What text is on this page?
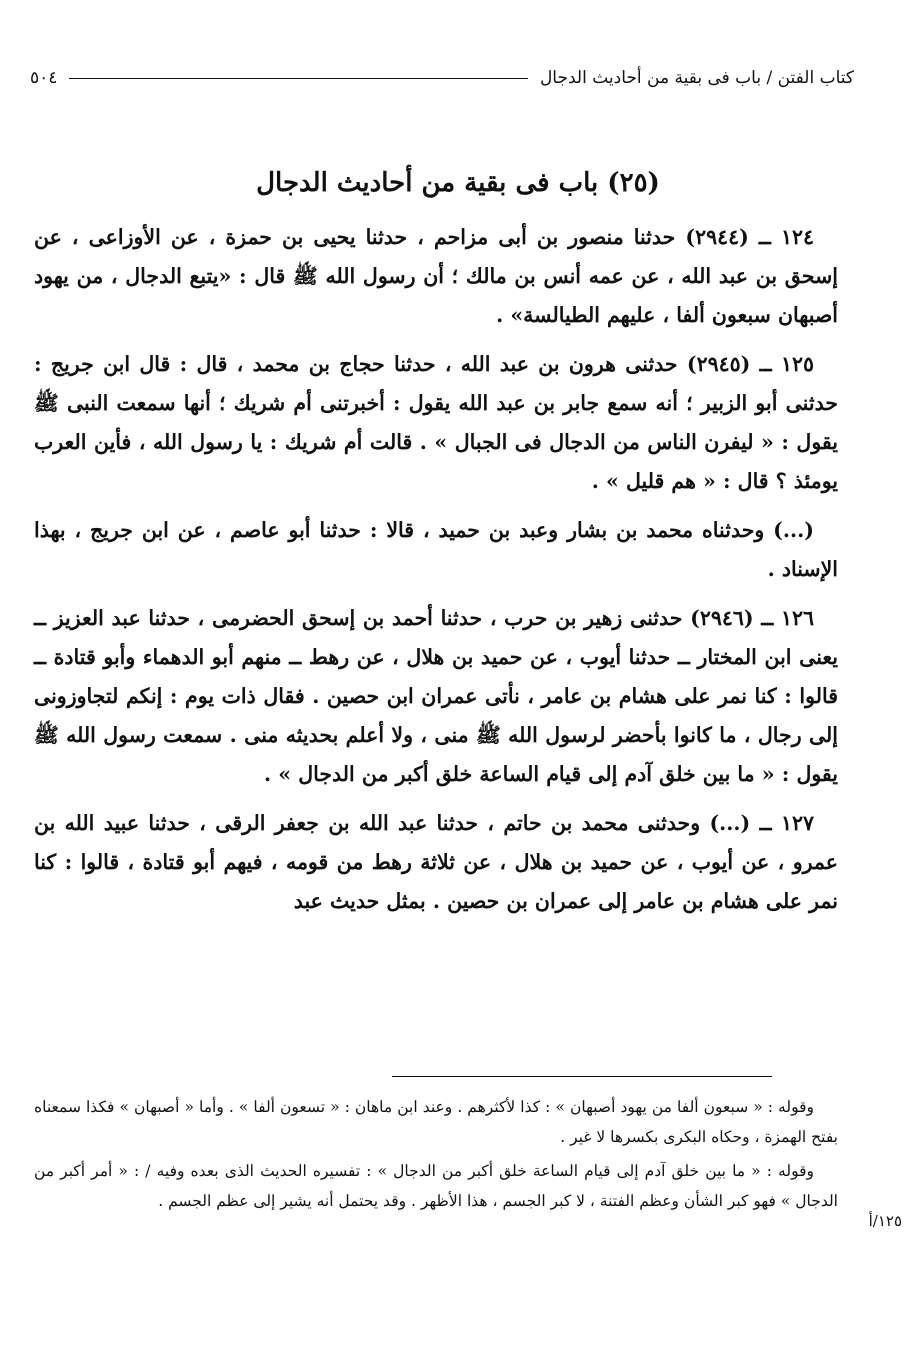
كتاب الفتن / باب فى بقية من أحاديث الدجال
٥٠٤
(٢٥) باب فى بقية من أحاديث الدجال

١٢٤ ــ (٢٩٤٤) حدثنا منصور بن أبى مزاحم ، حدثنا يحيى بن حمزة ، عن الأوزاعى ، عن إسحق بن عبد الله ، عن عمه أنس بن مالك ؛ أن رسول الله ﷺ قال : «يتبع الدجال ، من يهود أصبهان سبعون ألفا ، عليهم الطيالسة» .

١٢٥ ــ (٢٩٤٥) حدثنى هرون بن عبد الله ، حدثنا حجاج بن محمد ، قال : قال ابن جريج : حدثنى أبو الزبير ؛ أنه سمع جابر بن عبد الله يقول : أخبرتنى أم شريك ؛ أنها سمعت النبى ﷺ يقول : « ليفرن الناس من الدجال فى الجبال » . قالت أم شريك : يا رسول الله ، فأين العرب يومئذ ؟ قال : « هم قليل » .

(...) وحدثناه محمد بن بشار وعبد بن حميد ، قالا : حدثنا أبو عاصم ، عن ابن جريج ، بهذا الإسناد .

١٢٦ ــ (٢٩٤٦) حدثنى زهير بن حرب ، حدثنا أحمد بن إسحق الحضرمى ، حدثنا عبد العزيز ــ يعنى ابن المختار ــ حدثنا أيوب ، عن حميد بن هلال ، عن رهط ــ منهم أبو الدهماء وأبو قتادة ــ قالوا : كنا نمر على هشام بن عامر ، نأتى عمران ابن حصين . فقال ذات يوم : إنكم لتجاوزونى إلى رجال ، ما كانوا بأحضر لرسول الله ﷺ منى ، ولا أعلم بحديثه منى . سمعت رسول الله ﷺ يقول : « ما بين خلق آدم إلى قيام الساعة خلق أكبر من الدجال » .

١٢٧ ــ (...) وحدثنى محمد بن حاتم ، حدثنا عبد الله بن جعفر الرقى ، حدثنا عبيد الله بن عمرو ، عن أيوب ، عن حميد بن هلال ، عن ثلاثة رهط من قومه ، فيهم أبو قتادة ، قالوا : كنا نمر على هشام بن عامر إلى عمران بن حصين . بمثل حديث عبد

وقوله : « سبعون ألفا من يهود أصبهان » : كذا لأكثرهم . وعند ابن ماهان : « تسعون ألفا » . وأما « أصبهان » فكذا سمعناه بفتح الهمزة ، وحكاه البكرى بكسرها لا غير .

وقوله : « ما بين خلق آدم إلى قيام الساعة خلق أكبر من الدجال » : تفسيره الحديث الذى بعده وفيه / : « أمر أكبر من الدجال » فهو كبر الشأن وعظم الفتنة ، لا كبر الجسم ، هذا الأظهر . وقد يحتمل أنه يشير إلى عظم الجسم .

١٢٥/أ
